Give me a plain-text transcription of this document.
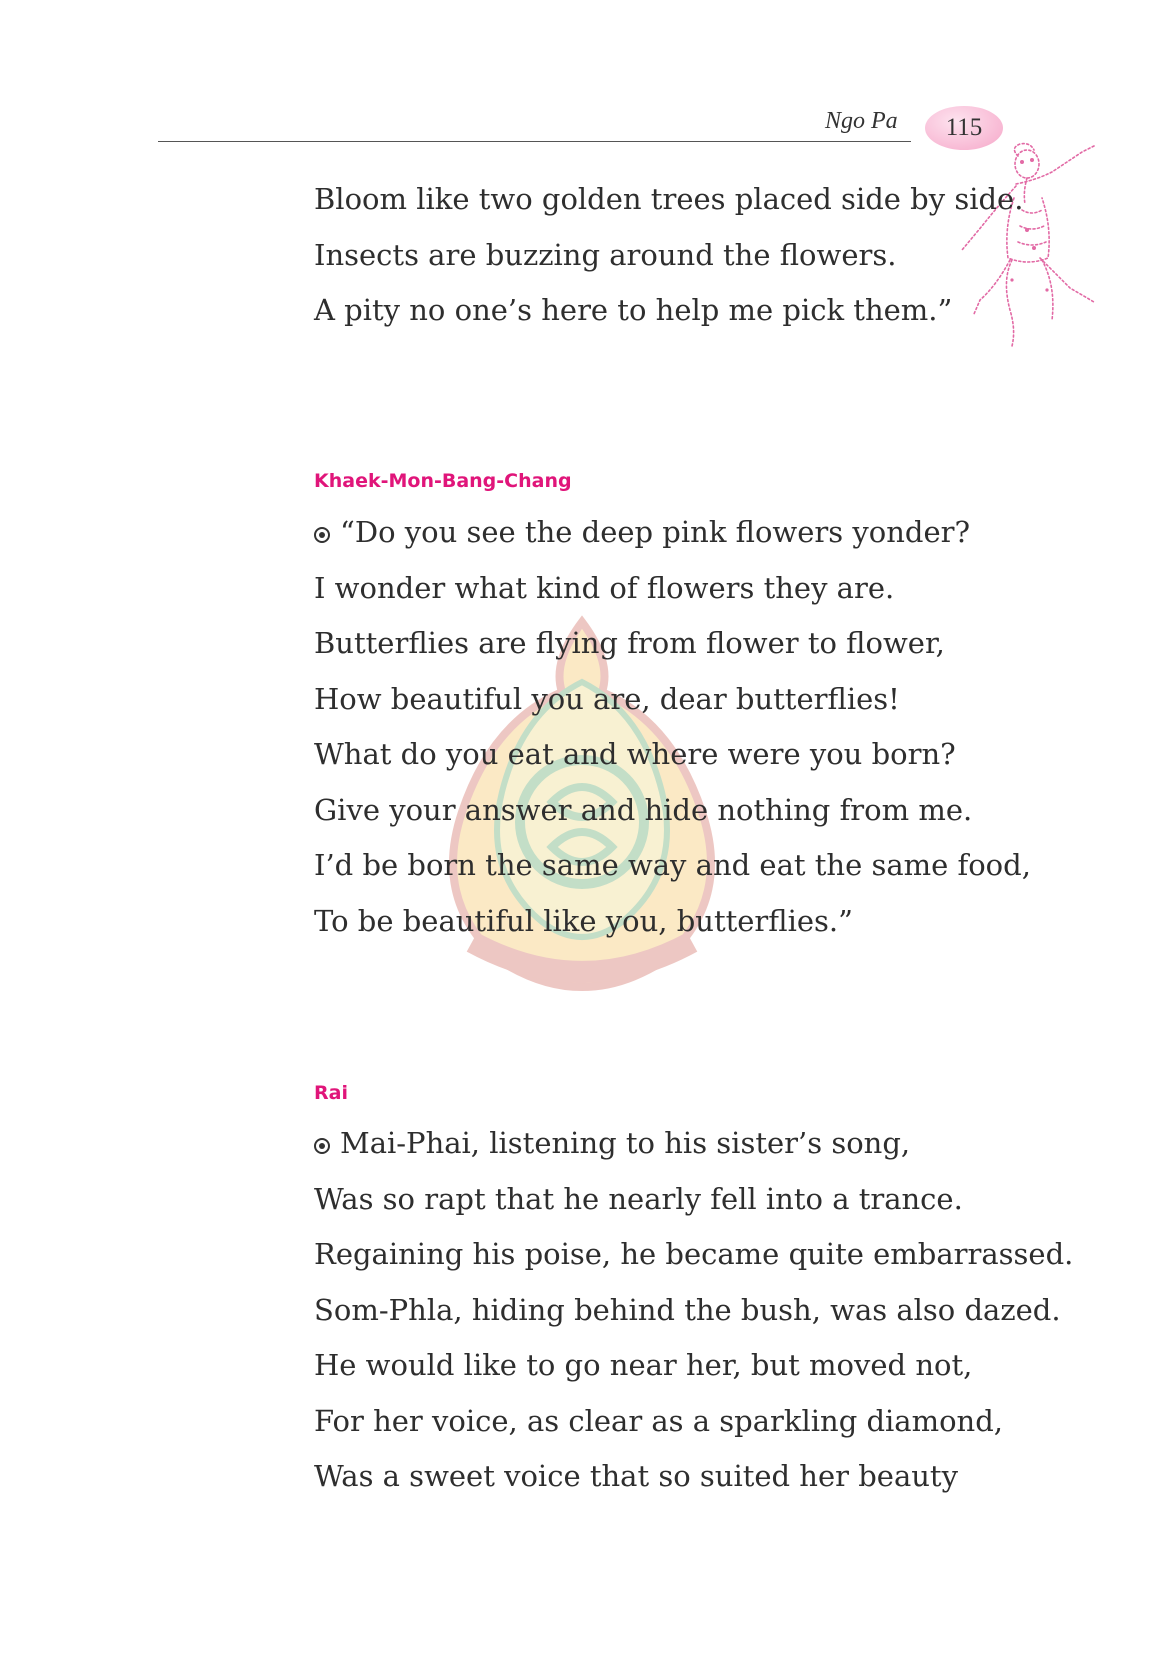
Ngo Pa 115
Bloom like two golden trees placed side by side.
Insects are buzzing around the flowers.
A pity no one’s here to help me pick them.”
Khaek-Mon-Bang-Chang
“Do you see the deep pink flowers yonder?
I wonder what kind of flowers they are.
Butterflies are flying from flower to flower,
How beautiful you are, dear butterflies!
What do you eat and where were you born?
Give your answer and hide nothing from me.
I’d be born the same way and eat the same food,
To be beautiful like you, butterflies.”
Rai
Mai-Phai, listening to his sister’s song,
Was so rapt that he nearly fell into a trance.
Regaining his poise, he became quite embarrassed.
Som-Phla, hiding behind the bush, was also dazed.
He would like to go near her, but moved not,
For her voice, as clear as a sparkling diamond,
Was a sweet voice that so suited her beauty
